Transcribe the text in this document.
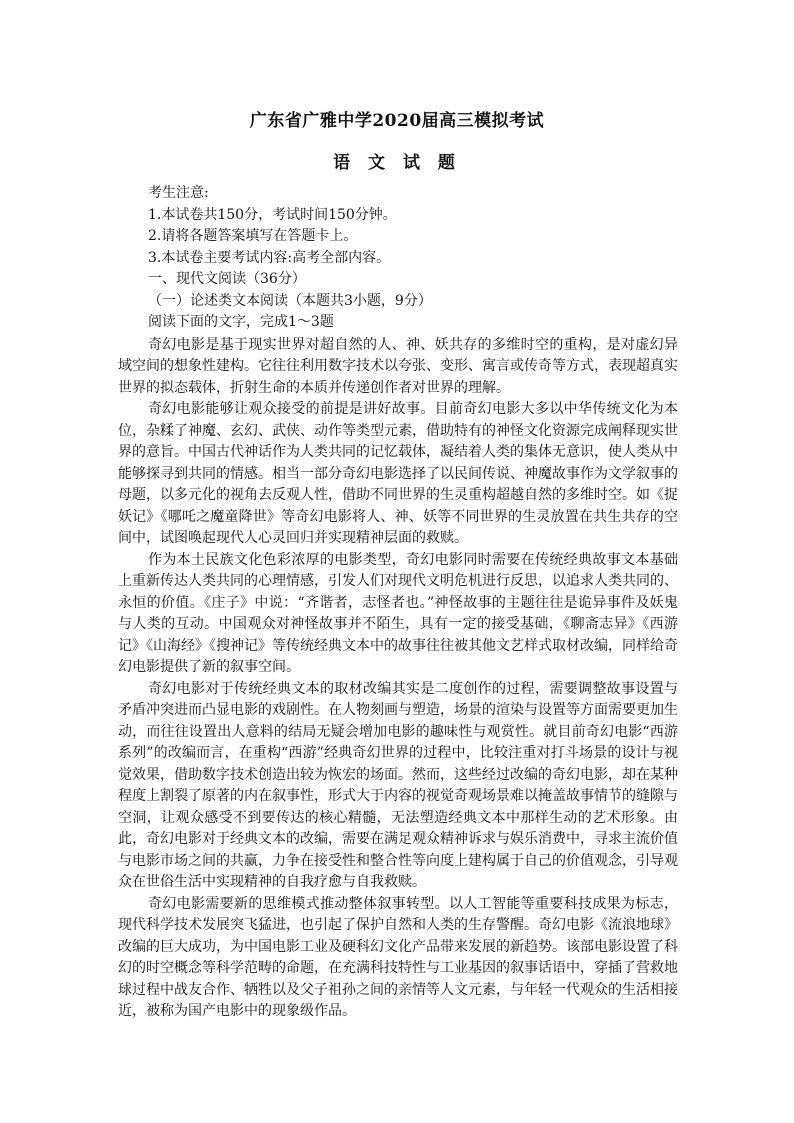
广东省广雅中学2020届高三模拟考试
语 文 试 题

考生注意:

1.本试卷共150分，考试时间150分钟。

2.请将各题答案填写在答题卡上。

3.本试卷主要考试内容:高考全部内容。

一、现代文阅读（36分）

（一）论述类文本阅读（本题共3小题，9分）

阅读下面的文字，完成1～3题

奇幻电影是基于现实世界对超自然的人、神、妖共存的多维时空的重构，是对虚幻异域空间的想象性建构。它往往利用数字技术以夸张、变形、寓言或传奇等方式，表现超真实世界的拟态载体，折射生命的本质并传递创作者对世界的理解。

奇幻电影能够让观众接受的前提是讲好故事。目前奇幻电影大多以中华传统文化为本位，杂糅了神魔、玄幻、武侠、动作等类型元素，借助特有的神怪文化资源完成阐释现实世界的意旨。中国古代神话作为人类共同的记忆载体，凝结着人类的集体无意识，使人类从中能够探寻到共同的情感。相当一部分奇幻电影选择了以民间传说、神魔故事作为文学叙事的母题，以多元化的视角去反观人性，借助不同世界的生灵重构超越自然的多维时空。如《捉妖记》《哪吒之魔童降世》等奇幻电影将人、神、妖等不同世界的生灵放置在共生共存的空间中，试图唤起现代人心灵回归并实现精神层面的救赎。

作为本土民族文化色彩浓厚的电影类型，奇幻电影同时需要在传统经典故事文本基础上重新传达人类共同的心理情感，引发人们对现代文明危机进行反思，以追求人类共同的、永恒的价值。《庄子》中说：“齐谐者，志怪者也。”神怪故事的主题往往是诡异事件及妖鬼与人类的互动。中国观众对神怪故事并不陌生，具有一定的接受基础，《聊斋志异》《西游记》《山海经》《搜神记》等传统经典文本中的故事往往被其他文艺样式取材改编，同样给奇幻电影提供了新的叙事空间。

奇幻电影对于传统经典文本的取材改编其实是二度创作的过程，需要调整故事设置与矛盾冲突进而凸显电影的戏剧性。在人物刻画与塑造，场景的渲染与设置等方面需要更加生动，而往往设置出人意料的结局无疑会增加电影的趣味性与观赏性。就目前奇幻电影“西游系列”的改编而言，在重构“西游”经典奇幻世界的过程中，比较注重对打斗场景的设计与视觉效果，借助数字技术创造出较为恢宏的场面。然而，这些经过改编的奇幻电影，却在某种程度上割裂了原著的内在叙事性，形式大于内容的视觉奇观场景难以掩盖故事情节的缝隙与空洞，让观众感受不到要传达的核心精髓，无法塑造经典文本中那样生动的艺术形象。由此，奇幻电影对于经典文本的改编，需要在满足观众精神诉求与娱乐消费中，寻求主流价值与电影市场之间的共赢，力争在接受性和整合性等向度上建构属于自己的价值观念，引导观众在世俗生活中实现精神的自我疗愈与自我救赎。

奇幻电影需要新的思维模式推动整体叙事转型。以人工智能等重要科技成果为标志，现代科学技术发展突飞猛进，也引起了保护自然和人类的生存警醒。奇幻电影《流浪地球》改编的巨大成功，为中国电影工业及硬科幻文化产品带来发展的新趋势。该部电影设置了科幻的时空概念等科学范畴的命题，在充满科技特性与工业基因的叙事话语中，穿插了营救地球过程中战友合作、牺牲以及父子祖孙之间的亲情等人文元素，与年轻一代观众的生活相接近，被称为国产电影中的现象级作品。
